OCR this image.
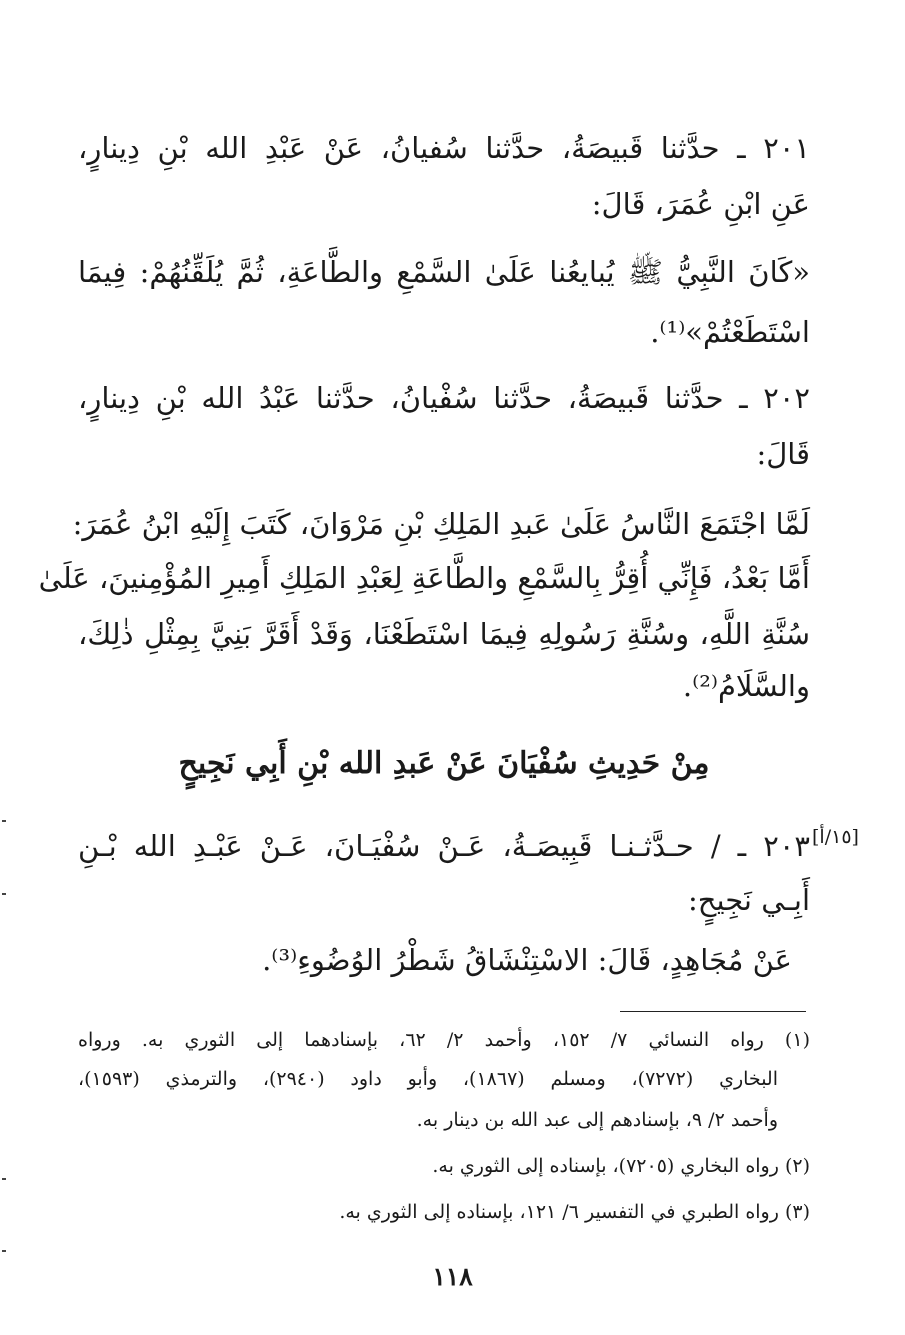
٢٠١ ـ حدَّثنا قَبيصَةُ، حدَّثنا سُفيانُ، عَنْ عَبْدِ الله بْنِ دِينارٍ،
عَنِ ابْنِ عُمَرَ، قَالَ:
«كَانَ النَّبِيُّ ﷺ يُبايعُنا عَلَىٰ السَّمْعِ والطَّاعَةِ، ثُمَّ يُلَقِّنُهُمْ: فِيمَا
اسْتَطَعْتُمْ»⁽¹⁾.
٢٠٢ ـ حدَّثنا قَبيصَةُ، حدَّثنا سُفْيانُ، حدَّثنا عَبْدُ الله بْنِ دِينارٍ،
قَالَ:
لَمَّا اجْتَمَعَ النَّاسُ عَلَىٰ عَبدِ المَلِكِ بْنِ مَرْوَانَ، كَتَبَ إِلَيْهِ ابْنُ عُمَرَ:
أَمَّا بَعْدُ، فَإِنِّي أُقِرُّ بِالسَّمْعِ والطَّاعَةِ لِعَبْدِ المَلِكِ أَمِيرِ المُؤْمِنينَ، عَلَىٰ
سُنَّةِ اللَّهِ، وسُنَّةِ رَسُولِهِ فِيمَا اسْتَطَعْنَا، وَقَدْ أَقَرَّ بَنِيَّ بِمِثْلِ ذٰلِكَ،
والسَّلَامُ⁽²⁾.
مِنْ حَدِيثِ سُفْيَانَ عَنْ عَبدِ الله بْنِ أَبِي نَجِيحٍ
[١٥/أ]
٢٠٣ ـ / حـدَّثـنـا قَبِيصَـةُ، عَـنْ سُفْيَـانَ، عَـنْ عَبْـدِ الله بْـنِ
أَبِـي نَجِيحٍ:
عَنْ مُجَاهِدٍ، قَالَ: الاسْتِنْشَاقُ شَطْرُ الوُضُوءِ⁽³⁾.
(١) رواه النسائي ٧/ ١٥٢، وأحمد ٢/ ٦٢، بإسنادهما إلى الثوري به. ورواه
البخاري (٧٢٧٢)، ومسلم (١٨٦٧)، وأبو داود (٢٩٤٠)، والترمذي (١٥٩٣)،
وأحمد ٢/ ٩، بإسنادهم إلى عبد الله بن دينار به.
(٢) رواه البخاري (٧٢٠٥)، بإسناده إلى الثوري به.
(٣) رواه الطبري في التفسير ٦/ ١٢١، بإسناده إلى الثوري به.
١١٨
